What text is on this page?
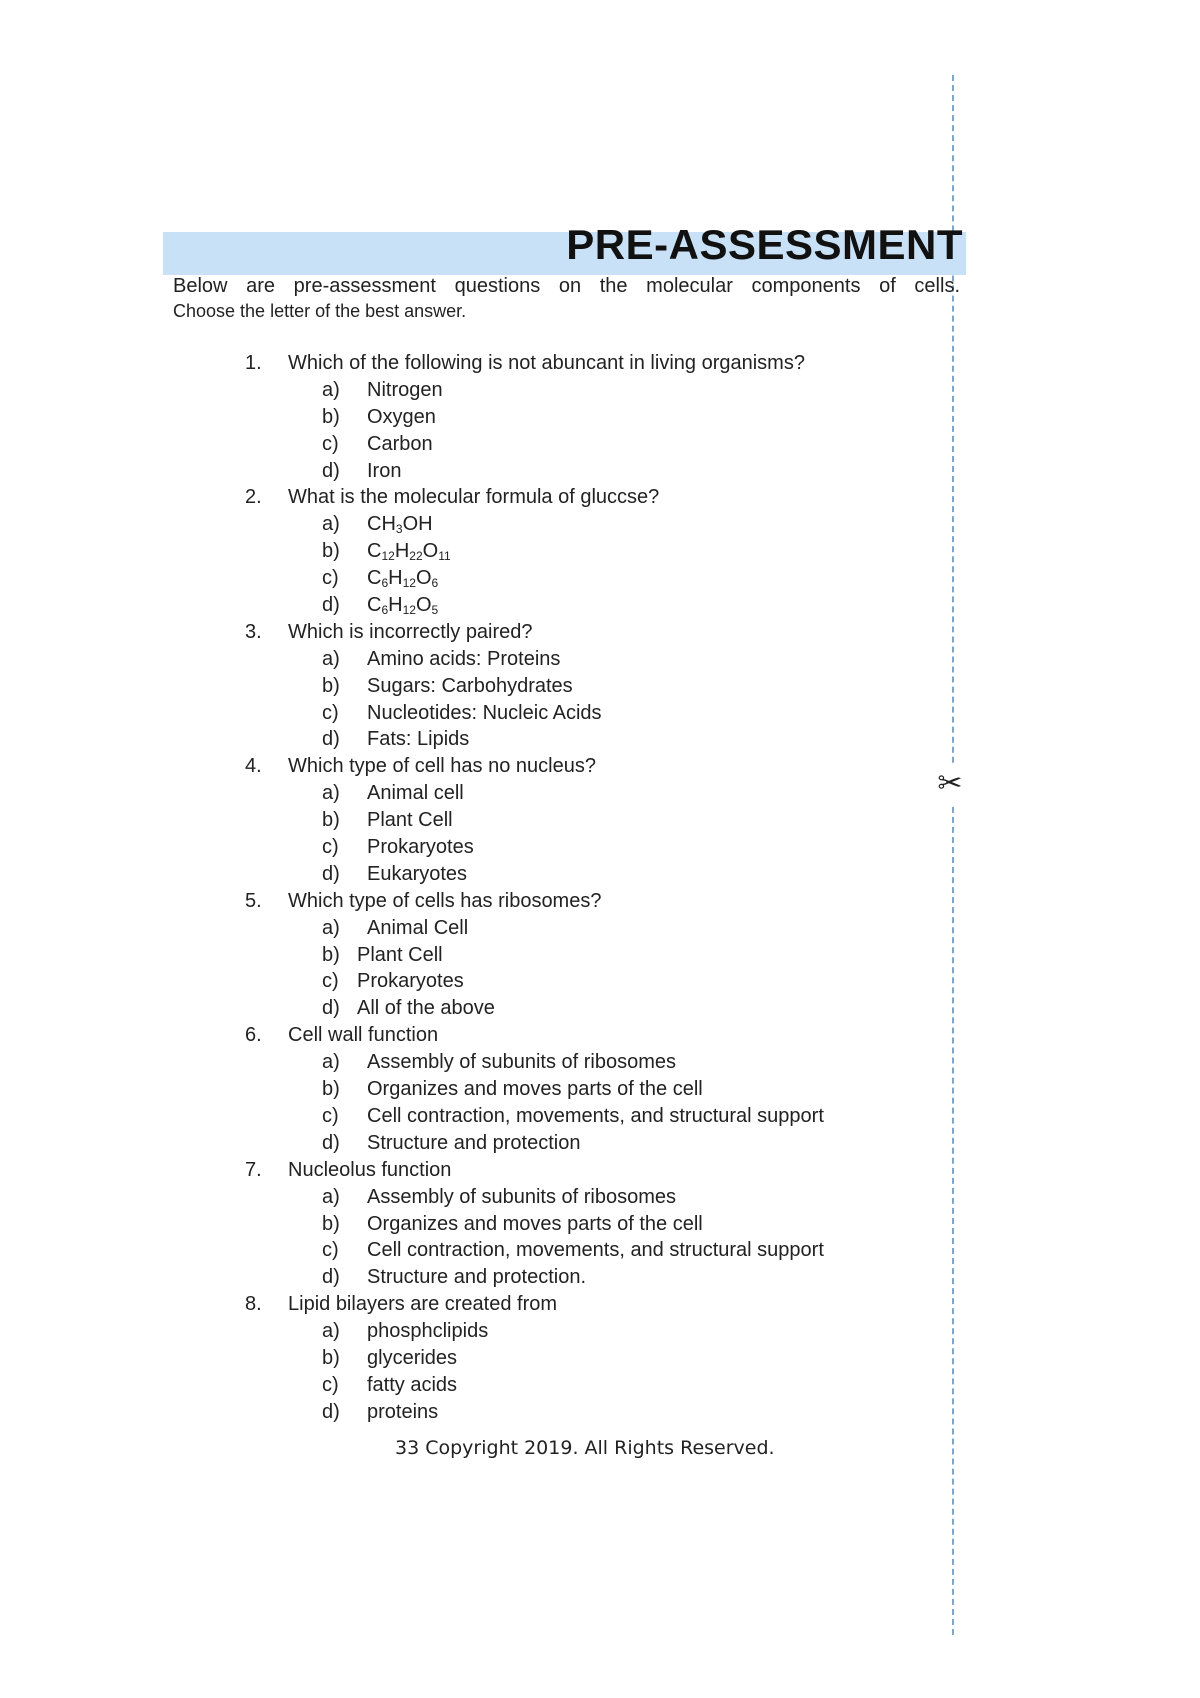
✂
PRE-ASSESSMENT
Below are pre-assessment questions on the molecular components of cells.
Choose the letter of the best answer.
1.	Which of the following is not abuncant in living organisms?
a) Nitrogen
b) Oxygen
c) Carbon
d) Iron
2.	What is the molecular formula of gluccse?
a) $CH_3OH$
b) $C_{12}H_{22}O_{11}$
c) $C_6H_{12}O_6$
d) $C_6H_{12}O_5$
3.	Which is incorrectly paired?
a) Amino acids: Proteins
b) Sugars: Carbohydrates
c) Nucleotides: Nucleic Acids
d) Fats: Lipids
4.	Which type of cell has no nucleus?
a) Animal cell
b) Plant Cell
c) Prokaryotes
d) Eukaryotes
5.	Which type of cells has ribosomes?
a) Animal Cell
b) Plant Cell
c) Prokaryotes
d) All of the above
6.	Cell wall function
a) Assembly of subunits of ribosomes
b) Organizes and moves parts of the cell
c) Cell contraction, movements, and structural support
d) Structure and protection
7.	Nucleolus function
a) Assembly of subunits of ribosomes
b) Organizes and moves parts of the cell
c) Cell contraction, movements, and structural support
d) Structure and protection.
8.	Lipid bilayers are created from
a) phosphclipids
b) glycerides
c) fatty acids
d) proteins
33 Copyright 2019. All Rights Reserved.
